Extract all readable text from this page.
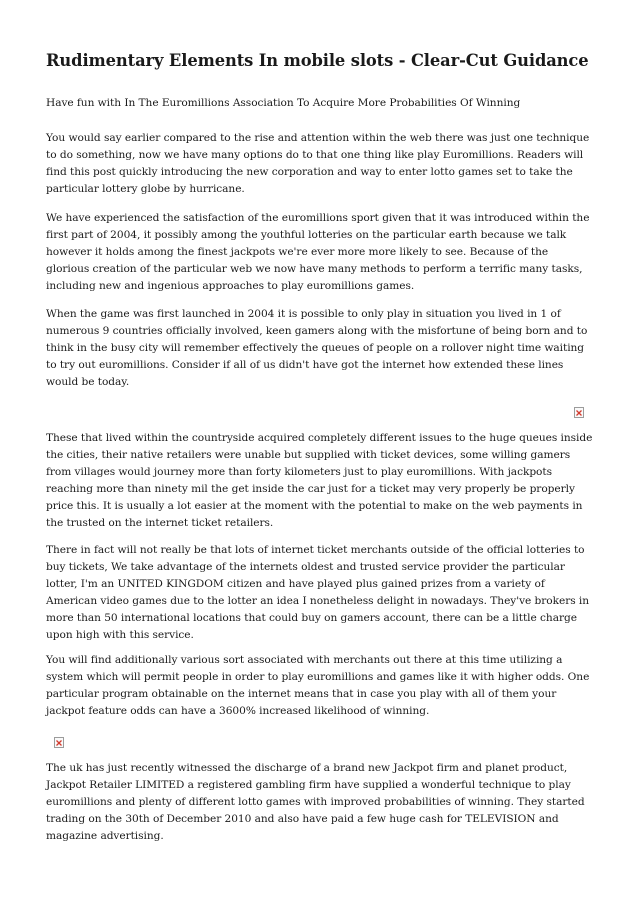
Rudimentary Elements In mobile slots - Clear-Cut Guidance

Have fun with In The Euromillions Association To Acquire More Probabilities Of Winning

You would say earlier compared to the rise and attention within the web there was just one technique to do something, now we have many options do to that one thing like play Euromillions. Readers will find this post quickly introducing the new corporation and way to enter lotto games set to take the particular lottery globe by hurricane.

We have experienced the satisfaction of the euromillions sport given that it was introduced within the first part of 2004, it possibly among the youthful lotteries on the particular earth because we talk however it holds among the finest jackpots we're ever more more likely to see. Because of the glorious creation of the particular web we now have many methods to perform a terrific many tasks, including new and ingenious approaches to play euromillions games.

When the game was first launched in 2004 it is possible to only play in situation you lived in 1 of numerous 9 countries officially involved, keen gamers along with the misfortune of being born and to think in the busy city will remember effectively the queues of people on a rollover night time waiting to try out euromillions. Consider if all of us didn't have got the internet how extended these lines would be today.

These that lived within the countryside acquired completely different issues to the huge queues inside the cities, their native retailers were unable but supplied with ticket devices, some willing gamers from villages would journey more than forty kilometers just to play euromillions. With jackpots reaching more than ninety mil the get inside the car just for a ticket may very properly be properly price this. It is usually a lot easier at the moment with the potential to make on the web payments in the trusted on the internet ticket retailers.

There in fact will not really be that lots of internet ticket merchants outside of the official lotteries to buy tickets, We take advantage of the internets oldest and trusted service provider the particular lotter, I'm an UNITED KINGDOM citizen and have played plus gained prizes from a variety of American video games due to the lotter an idea I nonetheless delight in nowadays. They've brokers in more than 50 international locations that could buy on gamers account, there can be a little charge upon high with this service.

You will find additionally various sort associated with merchants out there at this time utilizing a system which will permit people in order to play euromillions and games like it with higher odds. One particular program obtainable on the internet means that in case you play with all of them your jackpot feature odds can have a 3600% increased likelihood of winning.

The uk has just recently witnessed the discharge of a brand new Jackpot firm and planet product, Jackpot Retailer LIMITED a registered gambling firm have supplied a wonderful technique to play euromillions and plenty of different lotto games with improved probabilities of winning. They started trading on the 30th of December 2010 and also have paid a few huge cash for TELEVISION and magazine advertising.
